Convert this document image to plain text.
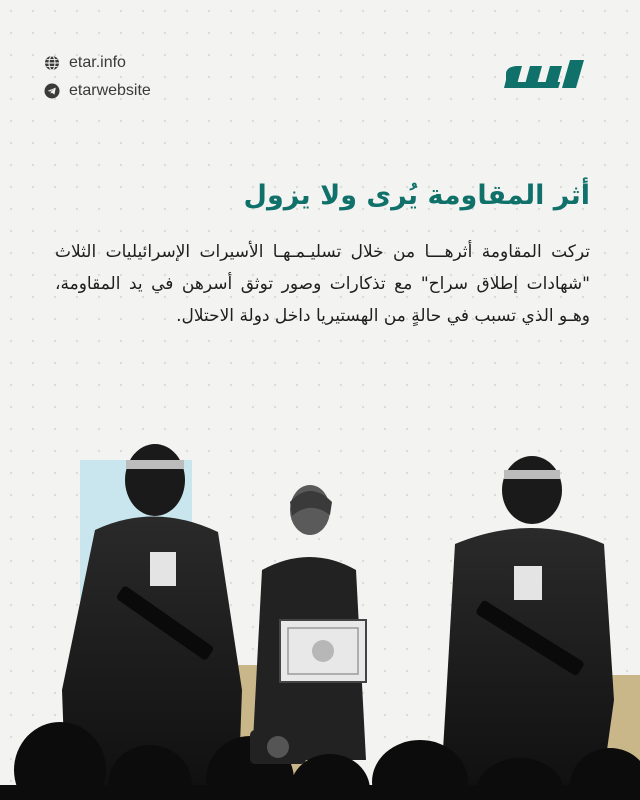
etar.info
etarwebsite
أثر المقاومة يُرى ولا يزول

تركت المقاومة أثرهـــا من خلال تسليـمـهـا الأسيرات الإسرائيليات الثلاث "شهادات إطلاق سراح" مع تذكارات وصور توثق أسرهن في يد المقاومة، وهـو الذي تسبب في حالةٍ من الهستيريا داخل دولة الاحتلال.
